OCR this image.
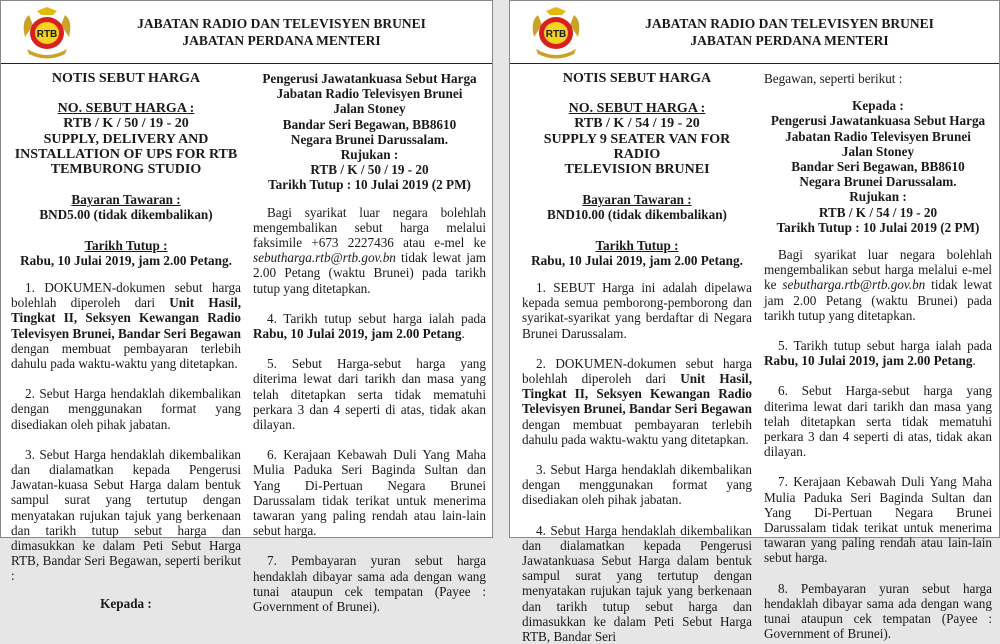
RTB
JABATAN RADIO DAN TELEVISYEN BRUNEI
JABATAN PERDANA MENTERI

NOTIS SEBUT HARGA

NO. SEBUT HARGA :

RTB / K / 50 / 19 - 20

SUPPLY, DELIVERY AND

INSTALLATION OF UPS FOR RTB

TEMBURONG STUDIO

Bayaran Tawaran :

BND5.00 (tidak dikembalikan)

Tarikh Tutup :

Rabu, 10 Julai 2019, jam 2.00 Petang.

1. DOKUMEN-dokumen sebut harga bolehlah diperoleh dari Unit Hasil, Tingkat II, Seksyen Kewangan Radio Televisyen Brunei, Bandar Seri Begawan dengan membuat pembayaran terlebih dahulu pada waktu-waktu yang ditetapkan.

2. Sebut Harga hendaklah dikembalikan dengan menggunakan format yang disediakan oleh pihak jabatan.

3. Sebut Harga hendaklah dikembalikan dan dialamatkan kepada Pengerusi Jawatan-kuasa Sebut Harga dalam bentuk sampul surat yang tertutup dengan menyatakan rujukan tajuk yang berkenaan dan tarikh tutup sebut harga dan dimasukkan ke dalam Peti Sebut Harga RTB, Bandar Seri Begawan, seperti berikut :

Kepada :

Pengerusi Jawatankuasa Sebut Harga

Jabatan Radio Televisyen Brunei

Jalan Stoney

Bandar Seri Begawan, BB8610

Negara Brunei Darussalam.

Rujukan :

RTB / K / 50 / 19 - 20

Tarikh Tutup : 10 Julai 2019 (2 PM)

Bagi syarikat luar negara bolehlah mengembalikan sebut harga melalui faksimile +673 2227436 atau e-mel ke sebutharga.rtb@rtb.gov.bn tidak lewat jam 2.00 Petang (waktu Brunei) pada tarikh tutup yang ditetapkan.

4. Tarikh tutup sebut harga ialah pada Rabu, 10 Julai 2019, jam 2.00 Petang.

5. Sebut Harga-sebut harga yang diterima lewat dari tarikh dan masa yang telah ditetapkan serta tidak mematuhi perkara 3 dan 4 seperti di atas, tidak akan dilayan.

6. Kerajaan Kebawah Duli Yang Maha Mulia Paduka Seri Baginda Sultan dan Yang Di-Pertuan Negara Brunei Darussalam tidak terikat untuk menerima tawaran yang paling rendah atau lain-lain sebut harga.

7. Pembayaran yuran sebut harga hendaklah dibayar sama ada dengan wang tunai ataupun cek tempatan (Payee : Government of Brunei).

RTB
JABATAN RADIO DAN TELEVISYEN BRUNEI
JABATAN PERDANA MENTERI

NOTIS SEBUT HARGA

NO. SEBUT HARGA :

RTB / K / 54 / 19 - 20

SUPPLY 9 SEATER VAN FOR RADIO

TELEVISION BRUNEI

Bayaran Tawaran :

BND10.00 (tidak dikembalikan)

Tarikh Tutup :

Rabu, 10 Julai 2019, jam 2.00 Petang.

1. SEBUT Harga ini adalah dipelawa kepada semua pemborong-pemborong dan syarikat-syarikat yang berdaftar di Negara Brunei Darussalam.

2. DOKUMEN-dokumen sebut harga bolehlah diperoleh dari Unit Hasil, Tingkat II, Seksyen Kewangan Radio Televisyen Brunei, Bandar Seri Begawan dengan membuat pembayaran terlebih dahulu pada waktu-waktu yang ditetapkan.

3. Sebut Harga hendaklah dikembalikan dengan menggunakan format yang disediakan oleh pihak jabatan.

4. Sebut Harga hendaklah dikembalikan dan dialamatkan kepada Pengerusi Jawatankuasa Sebut Harga dalam bentuk sampul surat yang tertutup dengan menyatakan rujukan tajuk yang berkenaan dan tarikh tutup sebut harga dan dimasukkan ke dalam Peti Sebut Harga RTB, Bandar Seri

Begawan, seperti berikut :

Kepada :

Pengerusi Jawatankuasa Sebut Harga

Jabatan Radio Televisyen Brunei

Jalan Stoney

Bandar Seri Begawan, BB8610

Negara Brunei Darussalam.

Rujukan :

RTB / K / 54 / 19 - 20

Tarikh Tutup : 10 Julai 2019 (2 PM)

Bagi syarikat luar negara bolehlah mengembalikan sebut harga melalui e-mel ke sebutharga.rtb@rtb.gov.bn tidak lewat jam 2.00 Petang (waktu Brunei) pada tarikh tutup yang ditetapkan.

5. Tarikh tutup sebut harga ialah pada Rabu, 10 Julai 2019, jam 2.00 Petang.

6. Sebut Harga-sebut harga yang diterima lewat dari tarikh dan masa yang telah ditetapkan serta tidak mematuhi perkara 3 dan 4 seperti di atas, tidak akan dilayan.

7. Kerajaan Kebawah Duli Yang Maha Mulia Paduka Seri Baginda Sultan dan Yang Di-Pertuan Negara Brunei Darussalam tidak terikat untuk menerima tawaran yang paling rendah atau lain-lain sebut harga.

8. Pembayaran yuran sebut harga hendaklah dibayar sama ada dengan wang tunai ataupun cek tempatan (Payee : Government of Brunei).
